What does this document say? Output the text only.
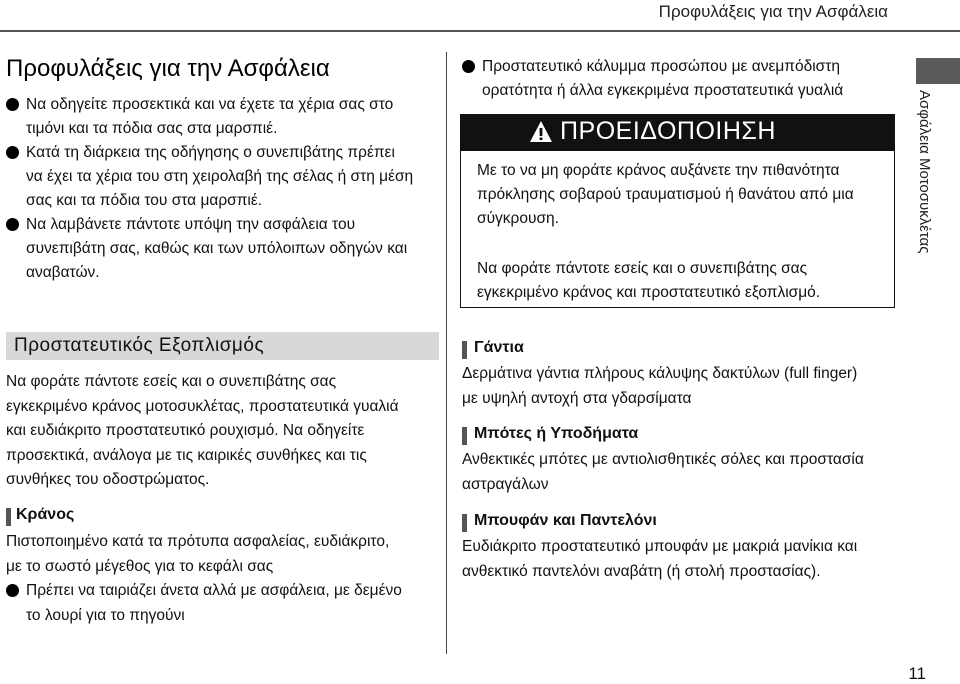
Προφυλάξεις για την Ασφάλεια
Προφυλάξεις για την Ασφάλεια
Να οδηγείτε προσεκτικά και να έχετε τα χέρια σας στο
τιμόνι και τα πόδια σας στα μαρσπιέ.
Κατά τη διάρκεια της οδήγησης ο συνεπιβάτης πρέπει
να έχει τα χέρια του στη χειρολαβή της σέλας ή στη μέση
σας και τα πόδια του στα μαρσπιέ.
Να λαμβάνετε πάντοτε υπόψη την ασφάλεια του
συνεπιβάτη σας, καθώς και των υπόλοιπων οδηγών και
αναβατών.
Προστατευτικός Εξοπλισμός
Να φοράτε πάντοτε εσείς και ο συνεπιβάτης σας
εγκεκριμένο κράνος μοτοσυκλέτας, προστατευτικά γυαλιά
και ευδιάκριτο προστατευτικό ρουχισμό. Να οδηγείτε
προσεκτικά, ανάλογα με τις καιρικές συνθήκες και τις
συνθήκες του οδοστρώματος.
Κράνος
Πιστοποιημένο κατά τα πρότυπα ασφαλείας, ευδιάκριτο,
με το σωστό μέγεθος για το κεφάλι σας
Πρέπει να ταιριάζει άνετα αλλά με ασφάλεια, με δεμένο
το λουρί για το πηγούνι
Προστατευτικό κάλυμμα προσώπου με ανεμπόδιστη
ορατότητα ή άλλα εγκεκριμένα προστατευτικά γυαλιά
ΠΡΟΕΙΔΟΠΟΙΗΣΗ
Με το να μη φοράτε κράνος αυξάνετε την πιθανότητα
πρόκλησης σοβαρού τραυματισμού ή θανάτου από μια
σύγκρουση.
Να φοράτε πάντοτε εσείς και ο συνεπιβάτης σας
εγκεκριμένο κράνος και προστατευτικό εξοπλισμό.
Γάντια
Δερμάτινα γάντια πλήρους κάλυψης δακτύλων (full finger)
με υψηλή αντοχή στα γδαρσίματα
Μπότες ή Υποδήματα
Ανθεκτικές μπότες με αντιολισθητικές σόλες και προστασία
αστραγάλων
Μπουφάν και Παντελόνι
Ευδιάκριτο προστατευτικό μπουφάν με μακριά μανίκια και
ανθεκτικό παντελόνι αναβάτη (ή στολή προστασίας).
Ασφάλεια Μοτοσυκλέτας
11
